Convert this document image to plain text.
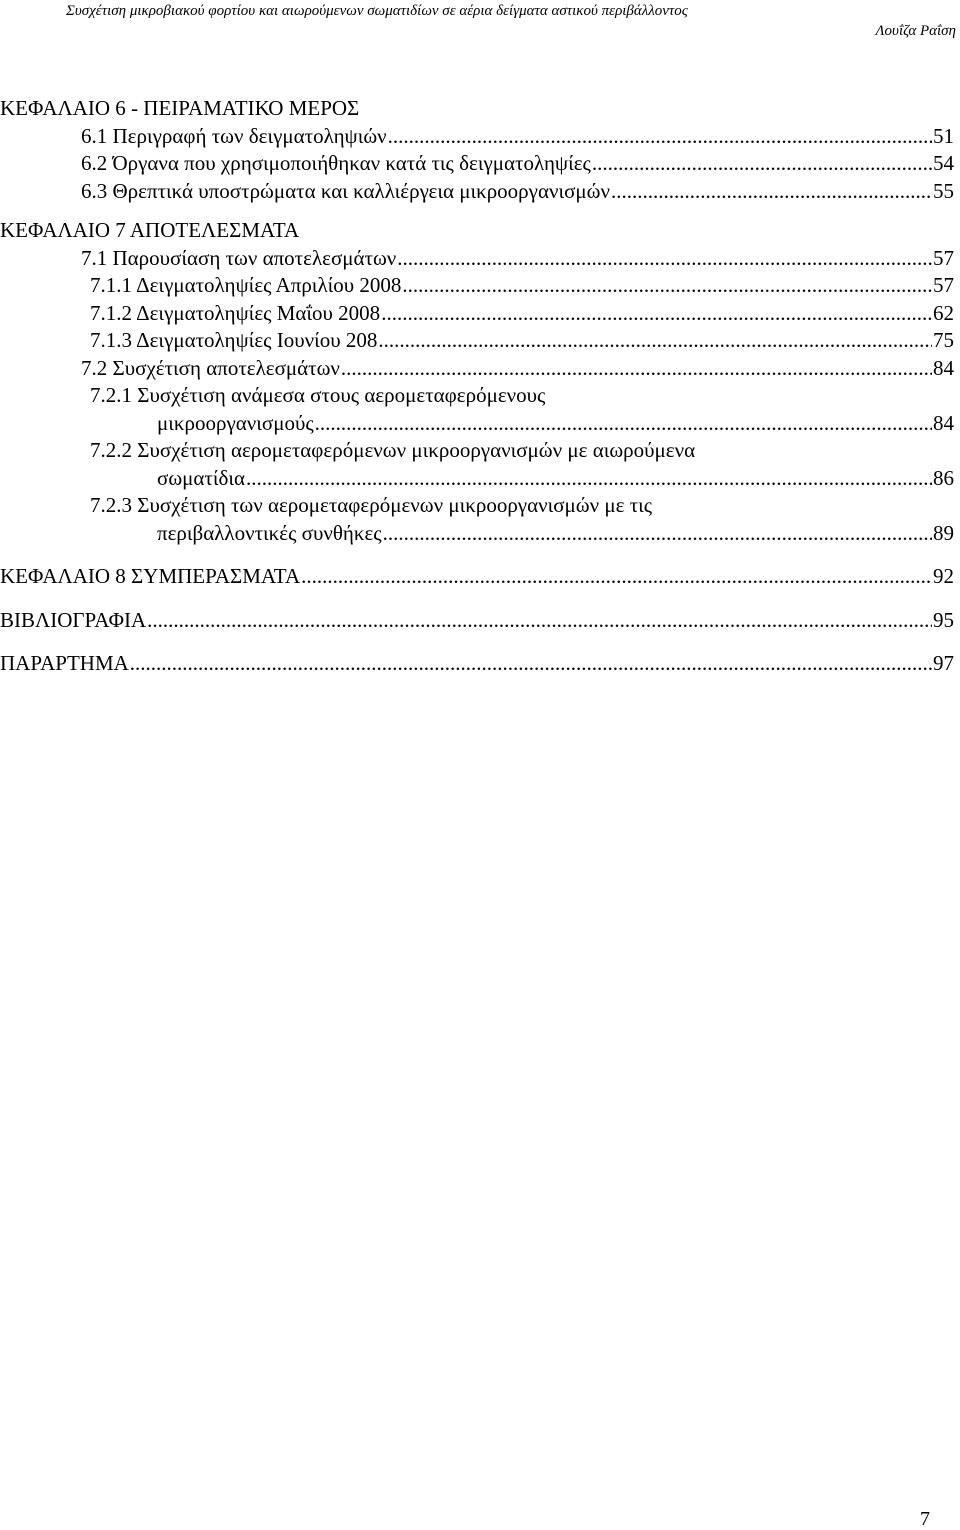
Συσχέτιση μικροβιακού φορτίου και αιωρούμενων σωματιδίων σε αέρια δείγματα αστικού περιβάλλοντος
Λουΐζα Ραΐση
ΚΕΦΑΛΑΙΟ 6 - ΠΕΙΡΑΜΑΤΙΚΟ ΜΕΡΟΣ
6.1 Περιγραφή των δειγματοληψιών .....	51
6.2 Όργανα που χρησιμοποιήθηκαν κατά τις δειγματοληψίες .....	54
6.3 Θρεπτικά υποστρώματα και καλλιέργεια μικροοργανισμών .....	55
ΚΕΦΑΛΑΙΟ 7 ΑΠΟΤΕΛΕΣΜΑΤΑ
7.1 Παρουσίαση των αποτελεσμάτων .....	57
7.1.1 Δειγματοληψίες Απριλίου 2008 .....	57
7.1.2 Δειγματοληψίες Μαΐου 2008 .....	62
7.1.3 Δειγματοληψίες Ιουνίου 208 .....	75
7.2 Συσχέτιση αποτελεσμάτων .....	84
7.2.1 Συσχέτιση ανάμεσα στους αερομεταφερόμενους
μικροοργανισμούς .....	84
7.2.2 Συσχέτιση αερομεταφερόμενων μικροοργανισμών με αιωρούμενα
σωματίδια .....	86
7.2.3 Συσχέτιση των αερομεταφερόμενων μικροοργανισμών με τις
περιβαλλοντικές συνθήκες .....	89
ΚΕΦΑΛΑΙΟ 8 ΣΥΜΠΕΡΑΣΜΑΤΑ .....	92
ΒΙΒΛΙΟΓΡΑΦΙΑ .....	95
ΠΑΡΑΡΤΗΜΑ .....	97
7
